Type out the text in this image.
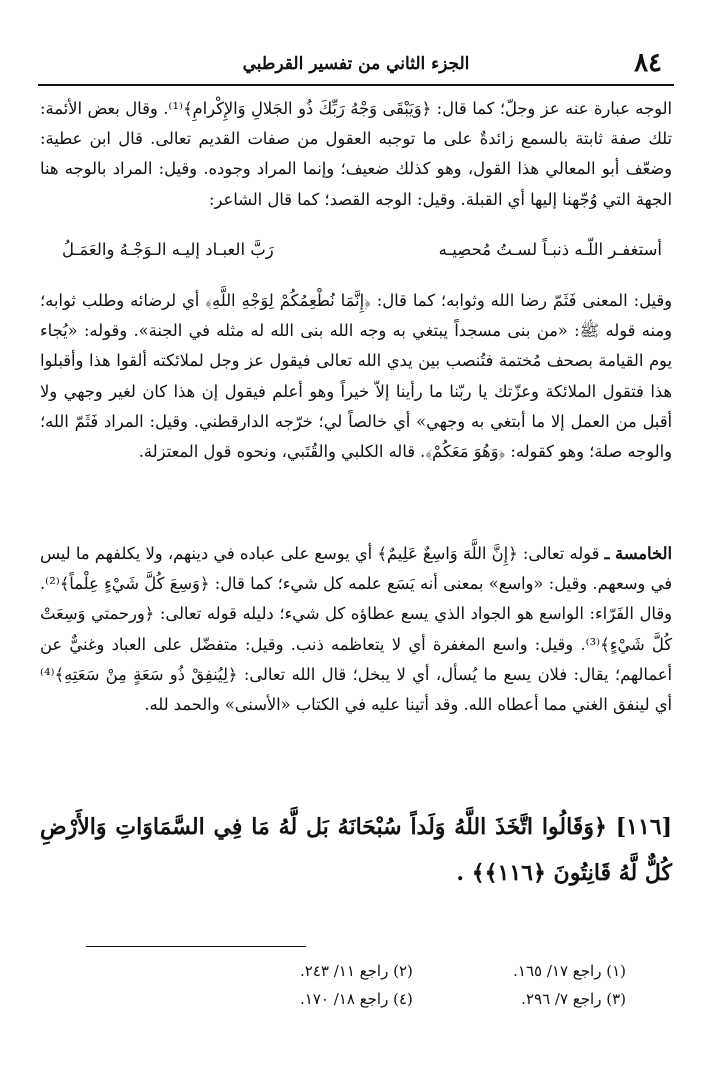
٨٤
الجزء الثاني من تفسير القرطبي
الوجه عبارة عنه عز وجلّ؛ كما قال: ﴿وَيَبْقَى وَجْهُ رَبِّكَ ذُو الجَلالِ وَالإِكْرامِ﴾⁽¹⁾. وقال بعض الأئمة: تلك صفة ثابتة بالسمع زائدةٌ على ما توجبه العقول من صفات القديم تعالى. قال ابن عطية: وضعّف أبو المعالي هذا القول، وهو كذلك ضعيف؛ وإنما المراد وجوده. وقيل: المراد بالوجه هنا الجهة التي وُجّهنا إليها أي القبلة. وقيل: الوجه القصد؛ كما قال الشاعر:
أستغفـر اللّـه ذنبـاً لسـتُ مُحصِيـه
رَبَّ العبـاد إليـه الـوَجْـهُ والعَمَـلُ
وقيل: المعنى فَثَمّ رضا الله وثوابه؛ كما قال: ﴿إِنَّمَا نُطْعِمُكُمْ لِوَجْهِ اللَّهِ﴾ أي لرضائه وطلب ثوابه؛ ومنه قوله ﷺ: «من بنى مسجداً يبتغي به وجه الله بنى الله له مثله في الجنة». وقوله: «يُجاء يوم القيامة بصحف مُختمة فتُنصب بين يدي الله تعالى فيقول عز وجل لملائكته ألقوا هذا وأقبلوا هذا فتقول الملائكة وعزّتك يا ربّنا ما رأينا إلاّ خيراً وهو أعلم فيقول إن هذا كان لغير وجهي ولا أقبل من العمل إلا ما أبتغي به وجهي» أي خالصاً لي؛ خرّجه الدارقطني. وقيل: المراد فَثَمّ الله؛ والوجه صلة؛ وهو كقوله: ﴿وَهُوَ مَعَكُمْ﴾. قاله الكلبي والقُتَبي، ونحوه قول المعتزلة.
الخامسة ـ قوله تعالى: ﴿إِنَّ اللَّهَ وَاسِعٌ عَلِيمٌ﴾ أي يوسع على عباده في دينهم، ولا يكلفهم ما ليس في وسعهم. وقيل: «واسع» بمعنى أنه يَسَع علمه كل شيء؛ كما قال: ﴿وَسِعَ كُلَّ شَيْءٍ عِلْماً﴾⁽²⁾. وقال الفَرّاء: الواسع هو الجواد الذي يسع عطاؤه كل شيء؛ دليله قوله تعالى: ﴿ورحمتي وَسِعَتْ كُلَّ شَيْءٍ﴾⁽³⁾. وقيل: واسع المغفرة أي لا يتعاظمه ذنب. وقيل: متفضّل على العباد وغنيٌّ عن أعمالهم؛ يقال: فلان يسع ما يُسأل، أي لا يبخل؛ قال الله تعالى: ﴿لِيُنفِقْ ذُو سَعَةٍ مِنْ سَعَتِهِ﴾⁽⁴⁾ أي لينفق الغني مما أعطاه الله. وقد أتينا عليه في الكتاب «الأسنى» والحمد لله.
[١١٦] ﴿وَقَالُوا اتَّخَذَ اللَّهُ وَلَداً سُبْحَانَهُ بَل لَّهُ مَا فِي السَّمَاوَاتِ وَالأَرْضِ كُلٌّ لَّهُ قَانِتُونَ ﴿١١٦﴾﴾ .
(١) راجع ١٧/ ١٦٥.
(٢) راجع ١١/ ٢٤٣.
(٣) راجع ٧/ ٢٩٦.
(٤) راجع ١٨/ ١٧٠.
